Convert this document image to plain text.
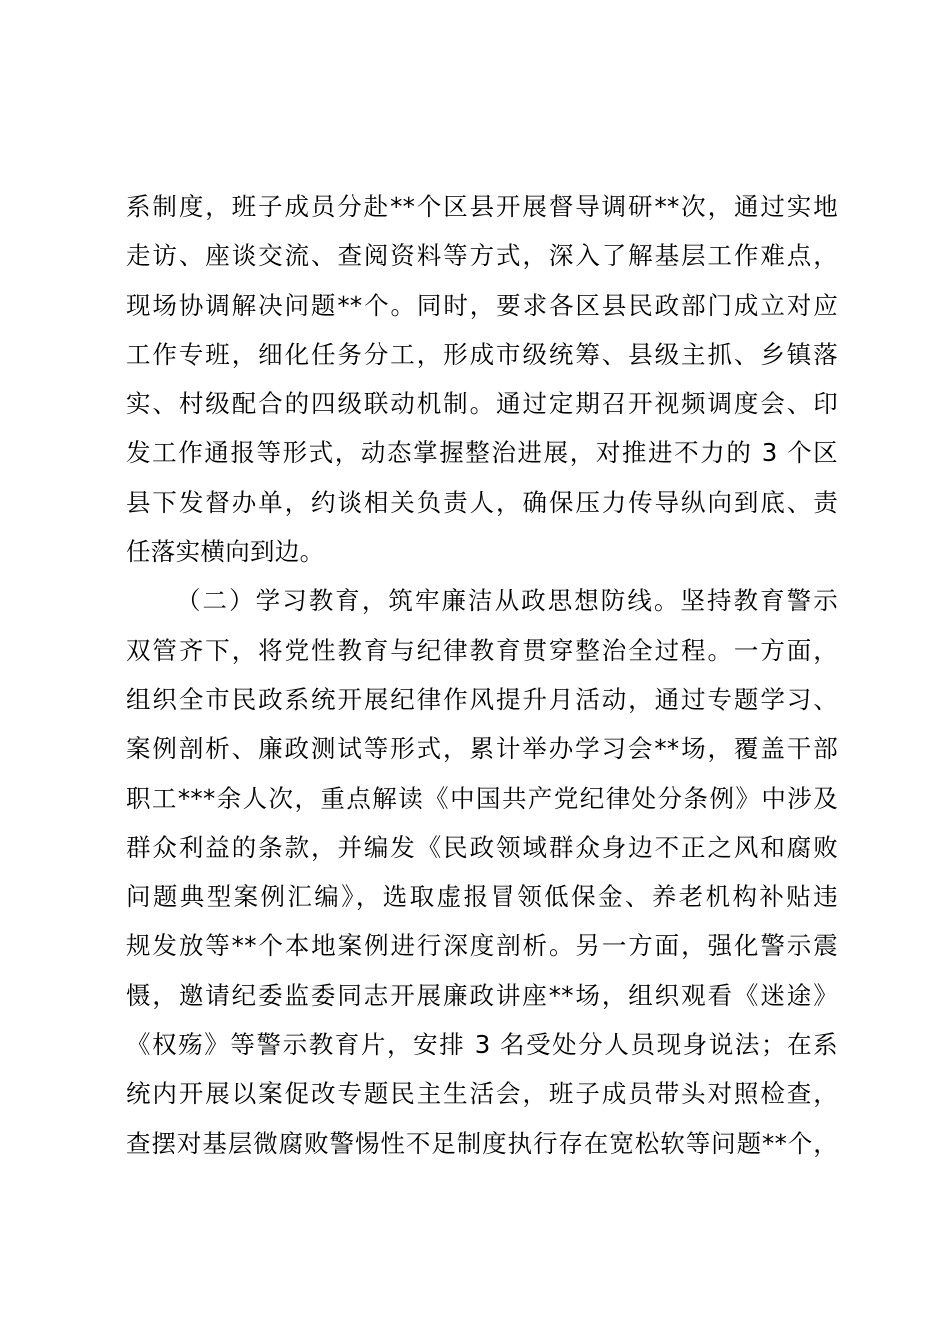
系制度，班子成员分赴**个区县开展督导调研**次，通过实地
走访、座谈交流、查阅资料等方式，深入了解基层工作难点，
现场协调解决问题**个。同时，要求各区县民政部门成立对应
工作专班，细化任务分工，形成市级统筹、县级主抓、乡镇落
实、村级配合的四级联动机制。通过定期召开视频调度会、印
发工作通报等形式，动态掌握整治进展，对推进不力的 3 个区
县下发督办单，约谈相关负责人，确保压力传导纵向到底、责
任落实横向到边。
（二）学习教育，筑牢廉洁从政思想防线。坚持教育警示
双管齐下，将党性教育与纪律教育贯穿整治全过程。一方面，
组织全市民政系统开展纪律作风提升月活动，通过专题学习、
案例剖析、廉政测试等形式，累计举办学习会**场，覆盖干部
职工***余人次，重点解读《中国共产党纪律处分条例》中涉及
群众利益的条款，并编发《民政领域群众身边不正之风和腐败
问题典型案例汇编》，选取虚报冒领低保金、养老机构补贴违
规发放等**个本地案例进行深度剖析。另一方面，强化警示震
慑，邀请纪委监委同志开展廉政讲座**场，组织观看《迷途》
《权殇》等警示教育片，安排 3 名受处分人员现身说法；在系
统内开展以案促改专题民主生活会，班子成员带头对照检查，
查摆对基层微腐败警惕性不足制度执行存在宽松软等问题**个，
